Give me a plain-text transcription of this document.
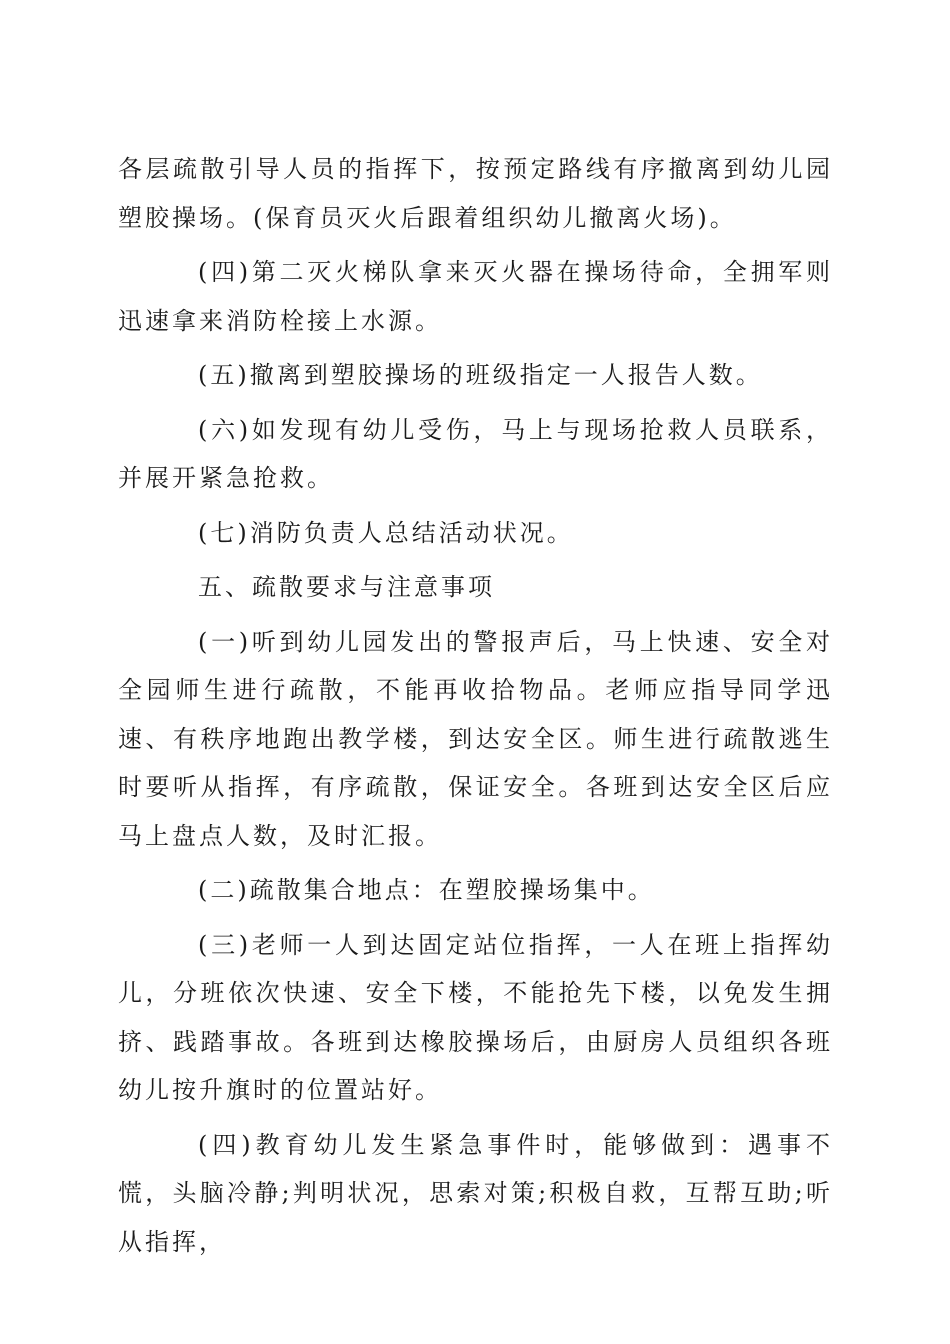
各层疏散引导人员的指挥下，按预定路线有序撤离到幼儿园塑胶操场。(保育员灭火后跟着组织幼儿撤离火场)。

(四)第二灭火梯队拿来灭火器在操场待命，全拥军则迅速拿来消防栓接上水源。

(五)撤离到塑胶操场的班级指定一人报告人数。

(六)如发现有幼儿受伤，马上与现场抢救人员联系，并展开紧急抢救。

(七)消防负责人总结活动状况。

五、疏散要求与注意事项

(一)听到幼儿园发出的警报声后，马上快速、安全对全园师生进行疏散，不能再收拾物品。老师应指导同学迅速、有秩序地跑出教学楼，到达安全区。师生进行疏散逃生时要听从指挥，有序疏散，保证安全。各班到达安全区后应马上盘点人数，及时汇报。

(二)疏散集合地点：在塑胶操场集中。

(三)老师一人到达固定站位指挥，一人在班上指挥幼儿，分班依次快速、安全下楼，不能抢先下楼，以免发生拥挤、践踏事故。各班到达橡胶操场后，由厨房人员组织各班幼儿按升旗时的位置站好。

(四)教育幼儿发生紧急事件时，能够做到：遇事不慌，头脑冷静;判明状况，思索对策;积极自救，互帮互助;听从指挥，
